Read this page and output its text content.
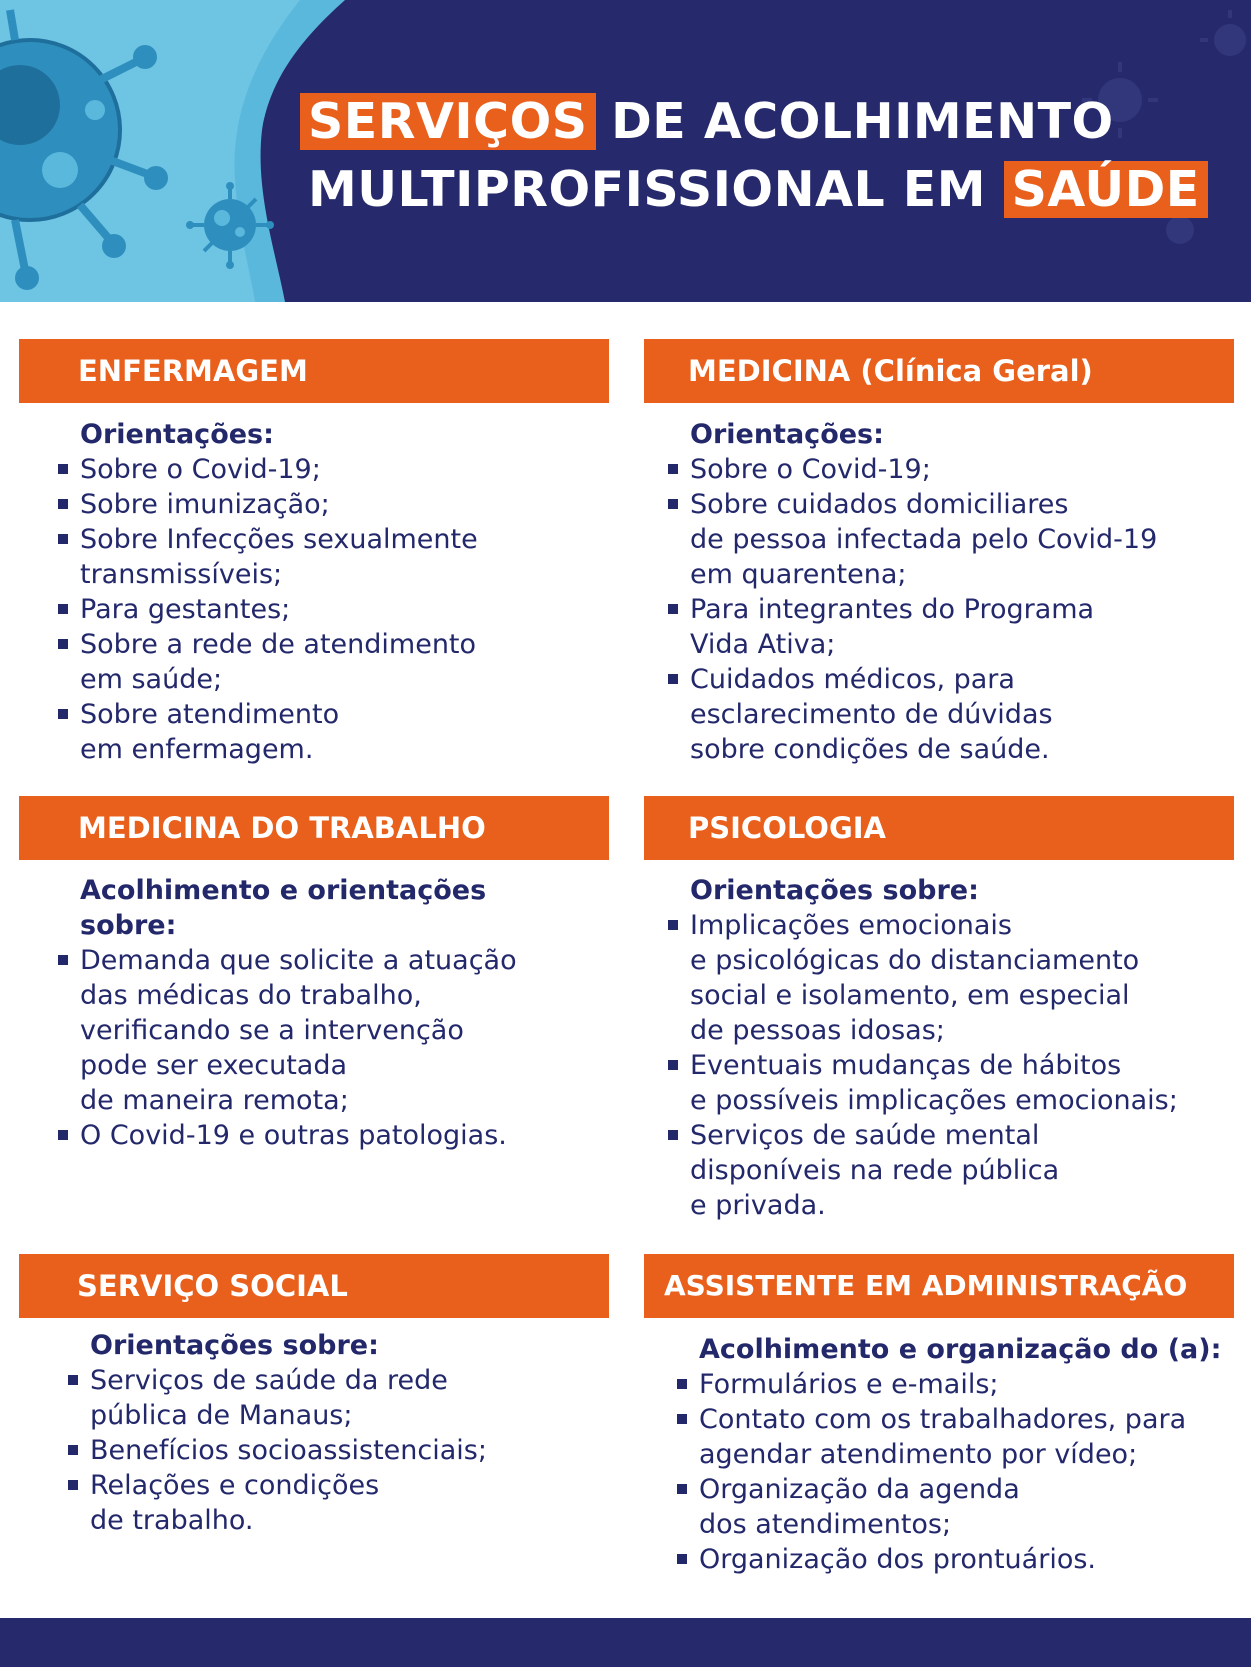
SERVIÇOS DE ACOLHIMENTO
MULTIPROFISSIONAL EM SAÚDE
ENFERMAGEM
Orientações:
Sobre o Covid-19;
Sobre imunização;
Sobre Infecções sexualmente
transmissíveis;
Para gestantes;
Sobre a rede de atendimento
em saúde;
Sobre atendimento
em enfermagem.
MEDICINA (Clínica Geral)
Orientações:
Sobre o Covid-19;
Sobre cuidados domiciliares
de pessoa infectada pelo Covid-19
em quarentena;
Para integrantes do Programa
Vida Ativa;
Cuidados médicos, para
esclarecimento de dúvidas
sobre condições de saúde.
MEDICINA DO TRABALHO
Acolhimento e orientações
sobre:
Demanda que solicite a atuação
das médicas do trabalho,
verificando se a intervenção
pode ser executada
de maneira remota;
O Covid-19 e outras patologias.
PSICOLOGIA
Orientações sobre:
Implicações emocionais
e psicológicas do distanciamento
social e isolamento, em especial
de pessoas idosas;
Eventuais mudanças de hábitos
e possíveis implicações emocionais;
Serviços de saúde mental
disponíveis na rede pública
e privada.
SERVIÇO SOCIAL
Orientações sobre:
Serviços de saúde da rede
pública de Manaus;
Benefícios socioassistenciais;
Relações e condições
de trabalho.
ASSISTENTE EM ADMINISTRAÇÃO
Acolhimento e organização do (a):
Formulários e e-mails;
Contato com os trabalhadores, para
agendar atendimento por vídeo;
Organização da agenda
dos atendimentos;
Organização dos prontuários.
